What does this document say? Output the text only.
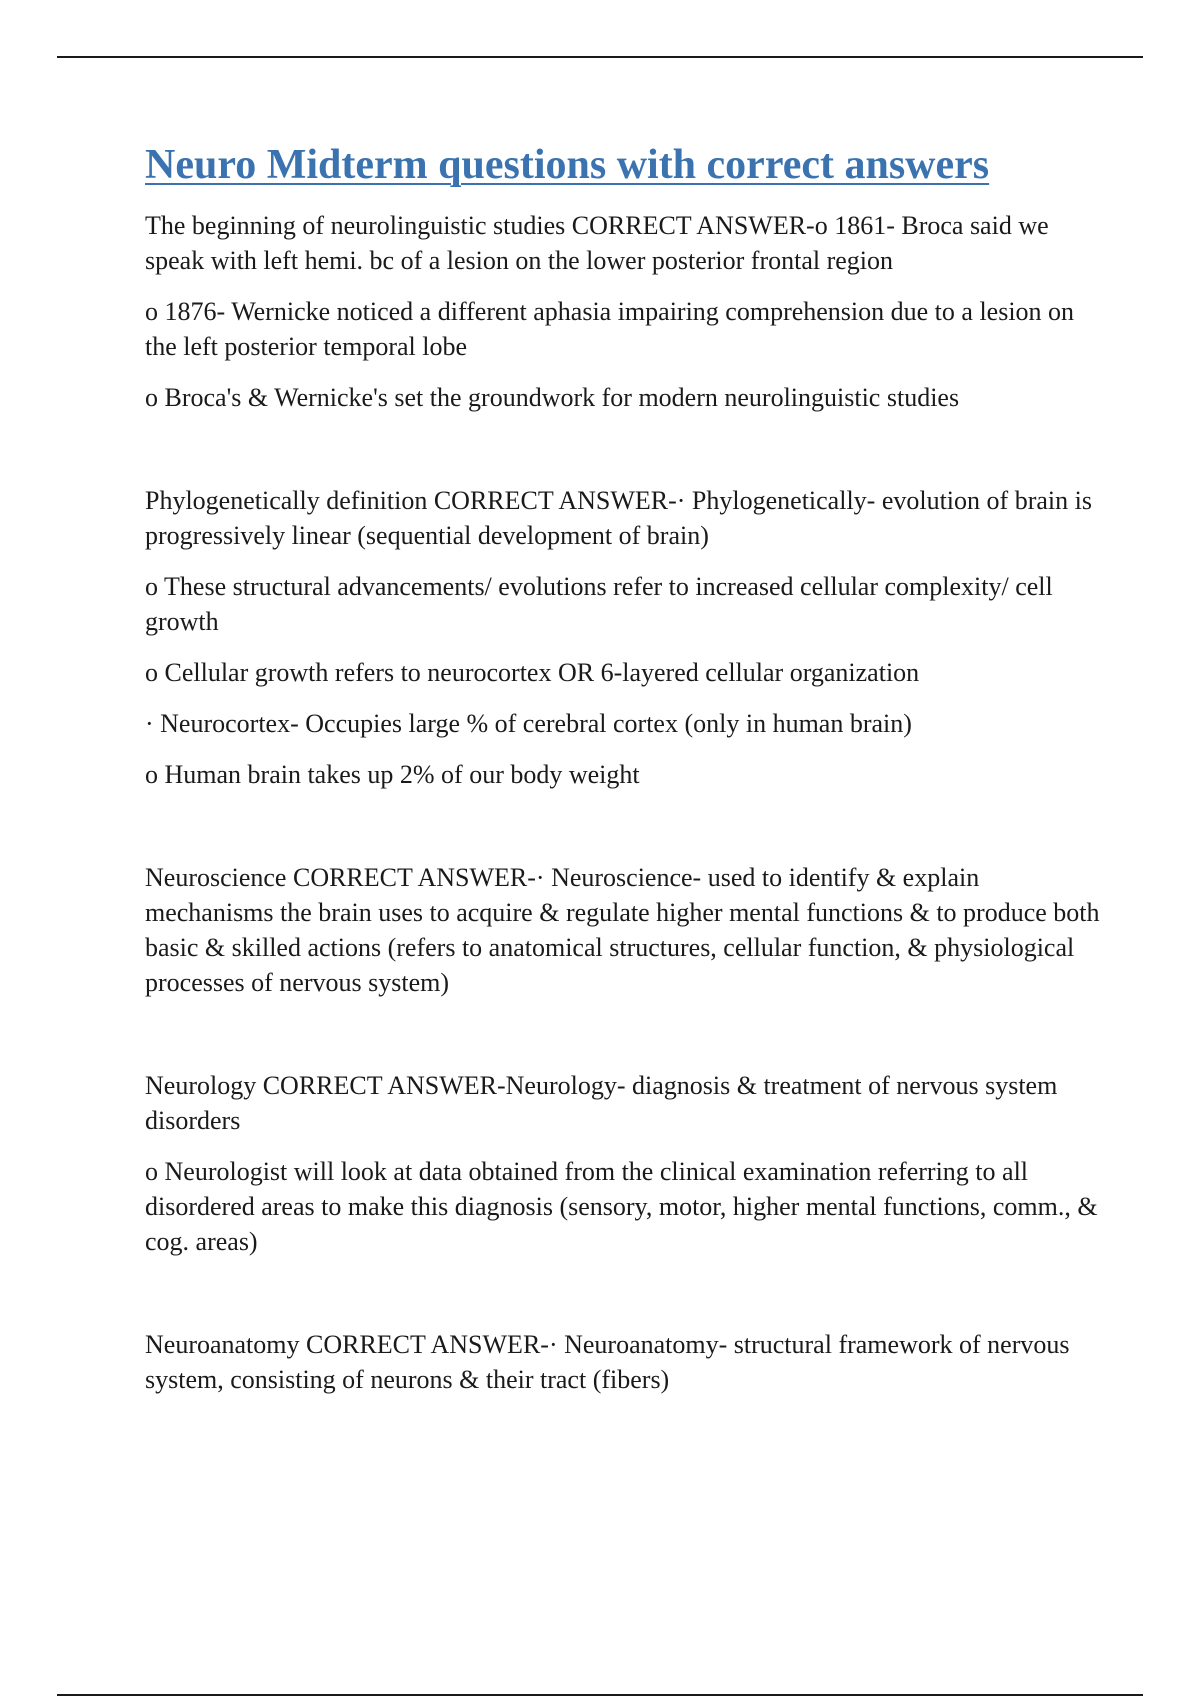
Neuro Midterm questions with correct answers

The beginning of neurolinguistic studies CORRECT ANSWER-o 1861- Broca said we speak with left hemi. bc of a lesion on the lower posterior frontal region

o 1876- Wernicke noticed a different aphasia impairing comprehension due to a lesion on the left posterior temporal lobe

o Broca's & Wernicke's set the groundwork for modern neurolinguistic studies

Phylogenetically definition CORRECT ANSWER-· Phylogenetically- evolution of brain is progressively linear (sequential development of brain)

o These structural advancements/ evolutions refer to increased cellular complexity/ cell growth

o Cellular growth refers to neurocortex OR 6-layered cellular organization

· Neurocortex- Occupies large % of cerebral cortex (only in human brain)

o Human brain takes up 2% of our body weight

Neuroscience CORRECT ANSWER-· Neuroscience- used to identify & explain mechanisms the brain uses to acquire & regulate higher mental functions & to produce both basic & skilled actions (refers to anatomical structures, cellular function, & physiological processes of nervous system)

Neurology CORRECT ANSWER-Neurology- diagnosis & treatment of nervous system disorders

o Neurologist will look at data obtained from the clinical examination referring to all disordered areas to make this diagnosis (sensory, motor, higher mental functions, comm., & cog. areas)

Neuroanatomy CORRECT ANSWER-· Neuroanatomy- structural framework of nervous system, consisting of neurons & their tract (fibers)
